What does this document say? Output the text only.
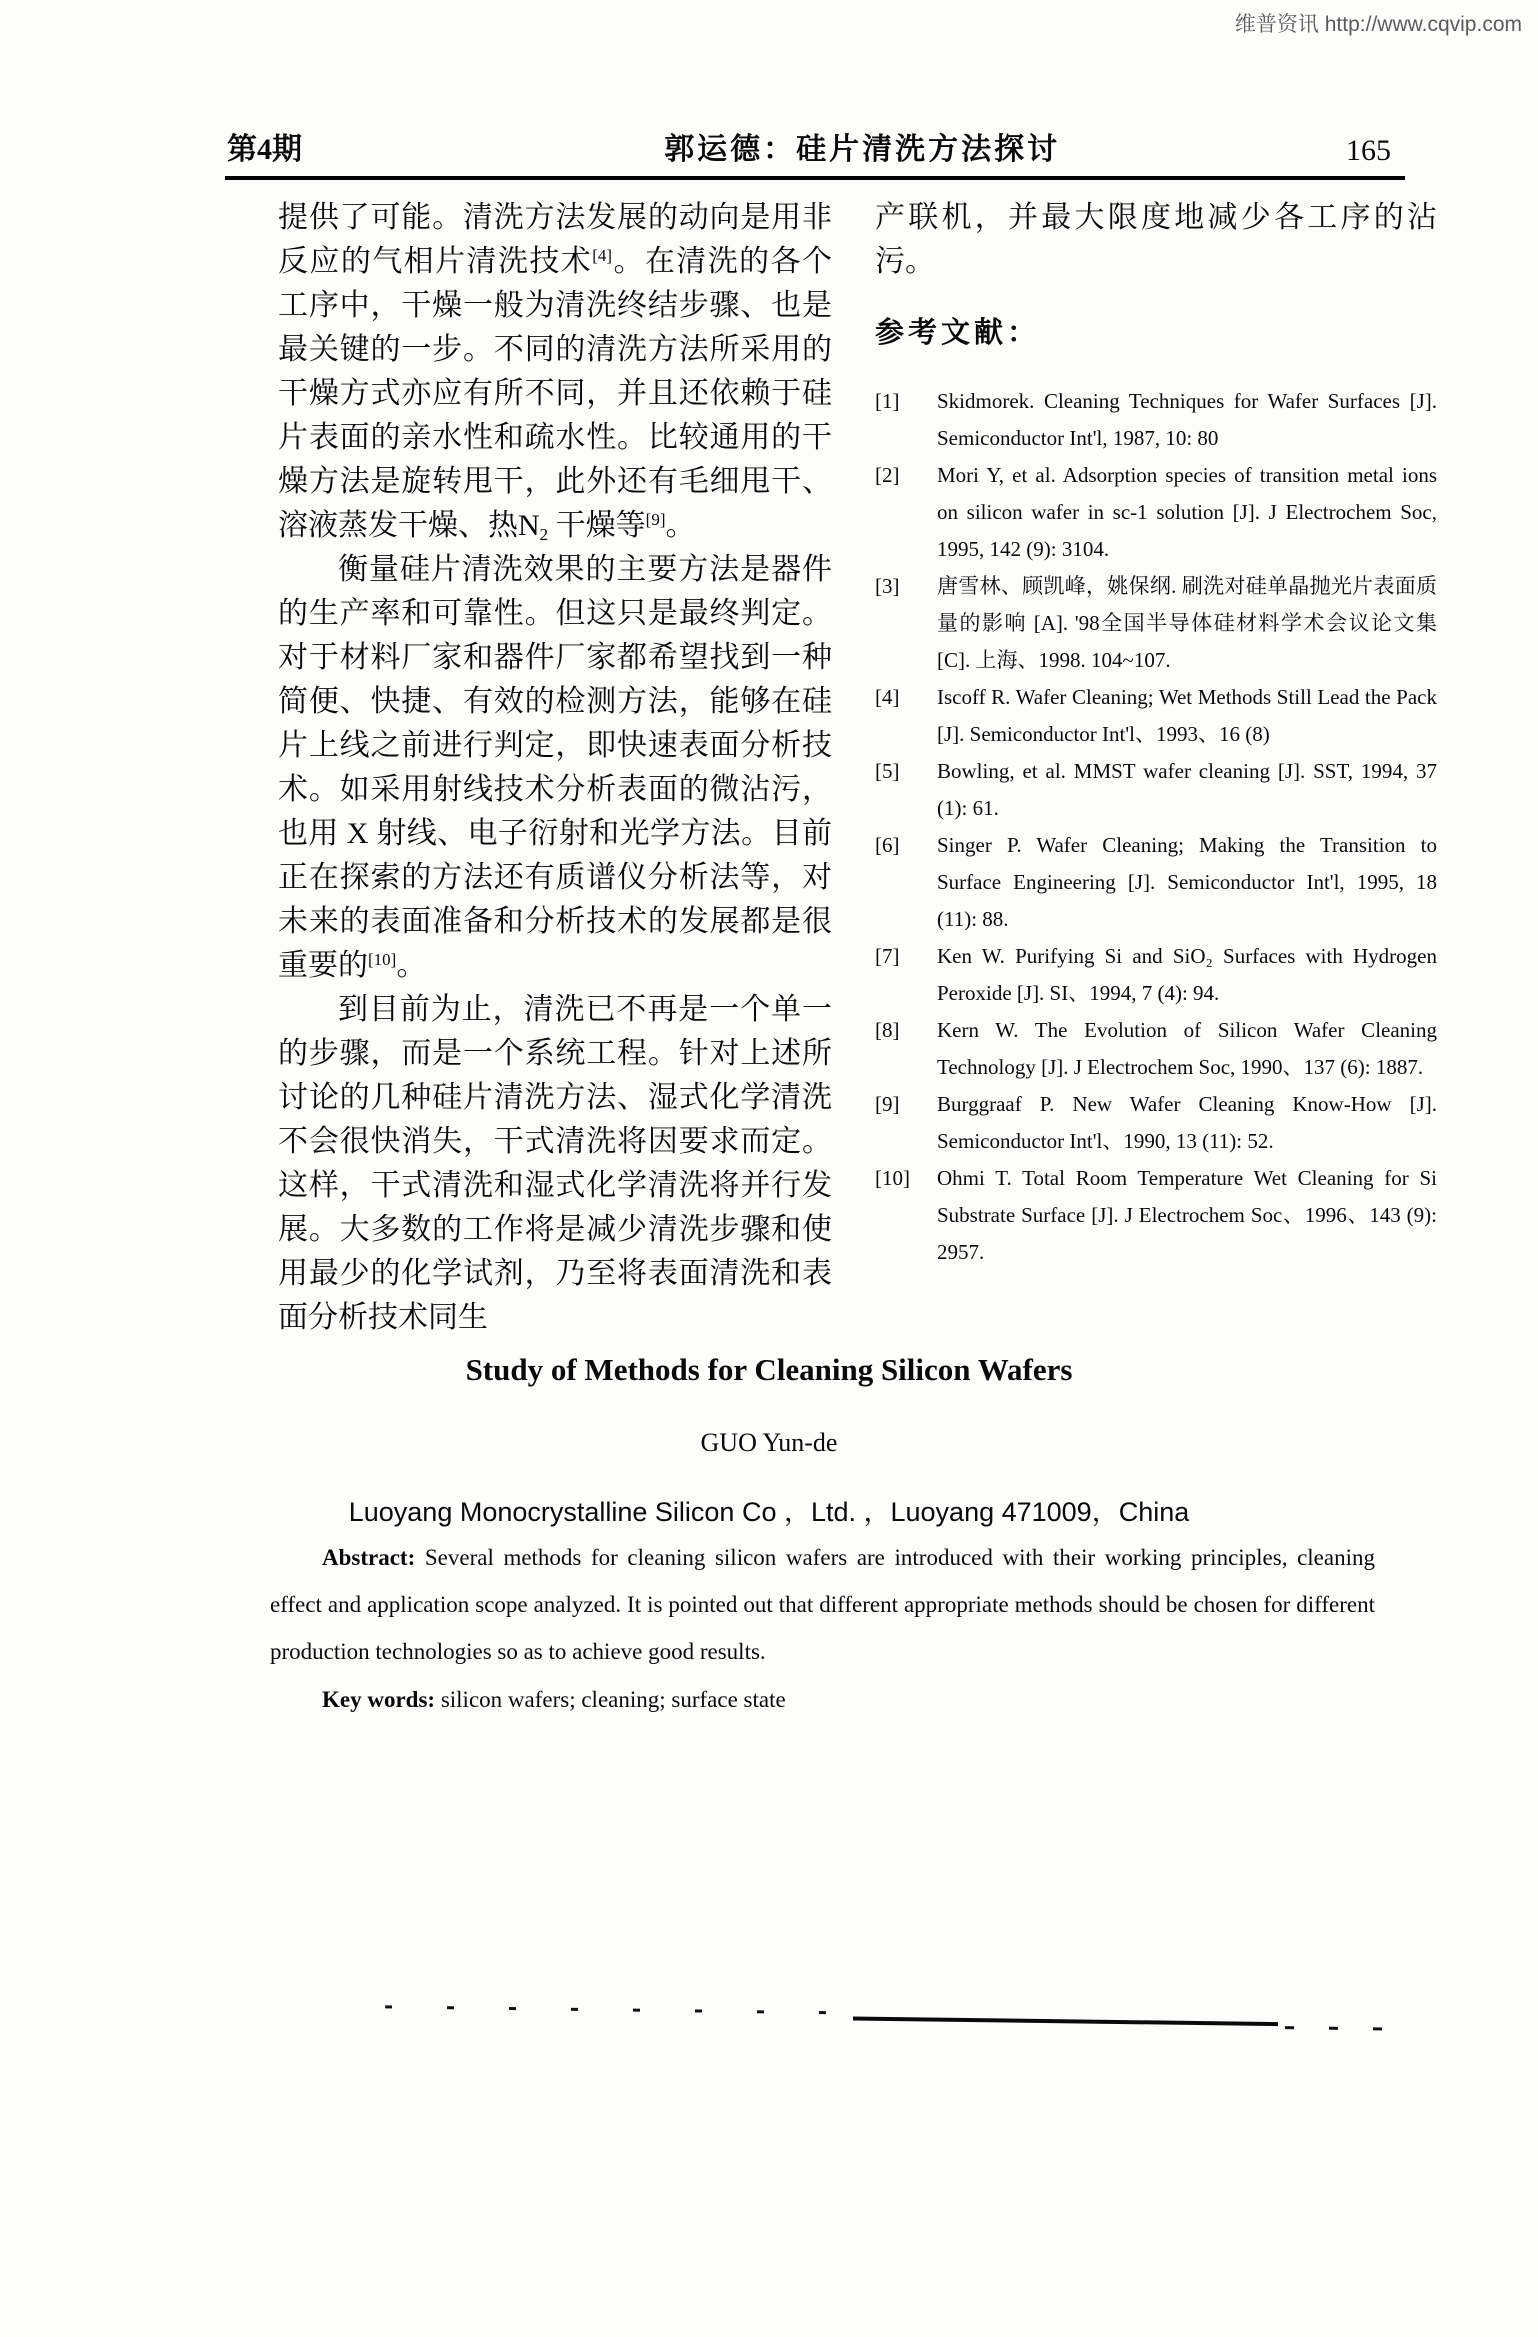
维普资讯 http://www.cqvip.com
第4期	郭运德：硅片清洗方法探讨	165

提供了可能。清洗方法发展的动向是用非反应的气相片清洗技术[4]。在清洗的各个工序中，干燥一般为清洗终结步骤、也是最关键的一步。不同的清洗方法所采用的干燥方式亦应有所不同，并且还依赖于硅片表面的亲水性和疏水性。比较通用的干燥方法是旋转甩干，此外还有毛细甩干、溶液蒸发干燥、热$N_2$ 干燥等[9]。

衡量硅片清洗效果的主要方法是器件的生产率和可靠性。但这只是最终判定。对于材料厂家和器件厂家都希望找到一种简便、快捷、有效的检测方法，能够在硅片上线之前进行判定，即快速表面分析技术。如采用射线技术分析表面的微沾污，也用 X 射线、电子衍射和光学方法。目前正在探索的方法还有质谱仪分析法等，对未来的表面准备和分析技术的发展都是很重要的[10]。

到目前为止，清洗已不再是一个单一的步骤，而是一个系统工程。针对上述所讨论的几种硅片清洗方法、湿式化学清洗不会很快消失，干式清洗将因要求而定。这样，干式清洗和湿式化学清洗将并行发展。大多数的工作将是减少清洗步骤和使用最少的化学试剂，乃至将表面清洗和表面分析技术同生

产联机，并最大限度地减少各工序的沾污。

参考文献：
[1]	Skidmorek. Cleaning Techniques for Wafer Surfaces [J]. Semiconductor Int'l, 1987, 10: 80
[2]	Mori Y, et al. Adsorption species of transition metal ions on silicon wafer in sc-1 solution [J]. J Electrochem Soc, 1995, 142 (9): 3104.
[3]	唐雪林、顾凯峰，姚保纲. 刷洗对硅单晶抛光片表面质量的影响 [A]. '98全国半导体硅材料学术会议论文集 [C]. 上海、1998. 104~107.
[4]	Iscoff R. Wafer Cleaning; Wet Methods Still Lead the Pack [J]. Semiconductor Int'l、1993、16 (8)
[5]	Bowling, et al. MMST wafer cleaning [J]. SST, 1994, 37 (1): 61.
[6]	Singer P. Wafer Cleaning; Making the Transition to Surface Engineering [J]. Semiconductor Int'l, 1995, 18 (11): 88.
[7]	Ken W. Purifying Si and SiO₂ Surfaces with Hydrogen Peroxide [J]. SI、1994, 7 (4): 94.
[8]	Kern W. The Evolution of Silicon Wafer Cleaning Technology [J]. J Electrochem Soc, 1990、137 (6): 1887.
[9]	Burggraaf P. New Wafer Cleaning Know-How [J]. Semiconductor Int'l、1990, 13 (11): 52.
[10]	Ohmi T. Total Room Temperature Wet Cleaning for Si Substrate Surface [J]. J Electrochem Soc、1996、143 (9): 2957.
Study of Methods for Cleaning Silicon Wafers
GUO Yun-de
Luoyang Monocrystalline Silicon Co ，Ltd. ，Luoyang 471009，China
Abstract: Several methods for cleaning silicon wafers are introduced with their working principles, cleaning effect and application scope analyzed. It is pointed out that different appropriate methods should be chosen for different production technologies so as to achieve good results.
Key words: silicon wafers; cleaning; surface state
